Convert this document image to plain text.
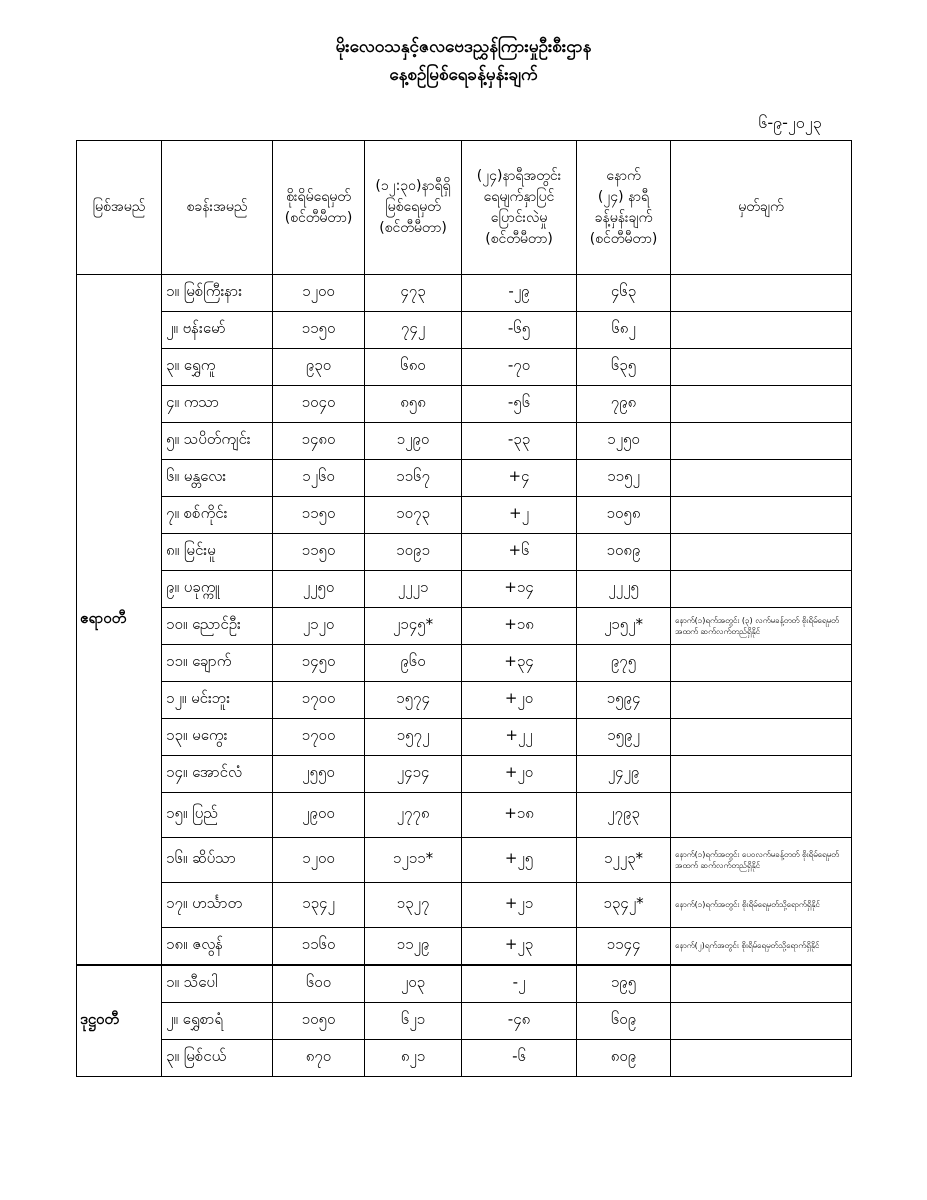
မိုးလေဝသနှင့်ဇလဗေဒညွှန်ကြားမှုဦးစီးဌာန
နေ့စဉ်မြစ်ရေခန့်မှန်းချက်
၆-၉-၂၀၂၃
မြစ်အမည်	စခန်းအမည်	စိုးရိမ်ရေမှတ်
(စင်တီမီတာ)	(၁၂:၃၀)နာရီရှိ
မြစ်ရေမှတ်
(စင်တီမီတာ)	(၂၄)နာရီအတွင်း
ရေမျက်နှာပြင်
ပြောင်းလဲမှု
(စင်တီမီတာ)	နောက်
(၂၄) နာရီ
ခန့်မှန်းချက်
(စင်တီမီတာ)	မှတ်ချက်
ဧရာဝတီ	၁။ မြစ်ကြီးနား	၁၂၀၀	၄၇၃	-၂၉	၄၆၃	
	၂။ ဗန်းမော်	၁၁၅၀	၇၄၂	-၆၅	၆၈၂	
	၃။ ရွှေကူ	၉၃၀	၆၈၀	-၇၀	၆၃၅	
	၄။ ကသာ	၁၀၄၀	၈၅၈	-၅၆	၇၉၈	
	၅။ သပိတ်ကျင်း	၁၄၈၀	၁၂၉၀	-၃၃	၁၂၅၀	
	၆။ မန္တလေး	၁၂၆၀	၁၁၆၇	+၄	၁၁၅၂	
	၇။ စစ်ကိုင်း	၁၁၅၀	၁၀၇၃	+၂	၁၀၅၈	
	၈။ မြင်းမူ	၁၁၅၀	၁၀၉၁	+၆	၁၀၈၉	
	၉။ ပခုက္ကူ	၂၂၅၀	၂၂၂၁	+၁၄	၂၂၂၅	
	၁၀။ ညောင်ဦး	၂၁၂၀	၂၁၄၅*	+၁၈	၂၁၅၂*	နောက်(၁)ရက်အတွင်း (၃) လက်မခန့်တတ် စိုးရိမ်ရေမှတ်အထက် ဆက်လက်တည်ရှိနိုင်
	၁၁။ ချောက်	၁၄၅၀	၉၆၀	+၃၄	၉၇၅	
	၁၂။ မင်းဘူး	၁၇၀၀	၁၅၇၄	+၂၀	၁၅၉၄	
	၁၃။ မကွေး	၁၇၀၀	၁၅၇၂	+၂၂	၁၅၉၂	
	၁၄။ အောင်လံ	၂၅၅၀	၂၄၁၄	+၂၀	၂၄၂၉	
	၁၅။ ပြည်	၂၉၀၀	၂၇၇၈	+၁၈	၂၇၉၃	
	၁၆။ ဆိပ်သာ	၁၂၀၀	၁၂၁၁*	+၂၅	၁၂၂၃*	နောက်(၁)ရက်အတွင်း ပေ၀လက်မခန့်တတ် စိုးရိမ်ရေမှတ်အထက် ဆက်လက်တည်ရှိနိုင်
	၁၇။ ဟင်္သာတ	၁၃၄၂	၁၃၂၇	+၂၁	၁၃၄၂*	နောက်(၁)ရက်အတွင်း စိုးရိမ်ရေမှတ်သို့ရောက်ရှိနိုင်
	၁၈။ ဇလွန်	၁၁၆၀	၁၁၂၉	+၂၃	၁၁၄၄	နောက်(၂)ရက်အတွင်း စိုးရိမ်ရေမှတ်သို့ရောက်ရှိနိုင်
ဒုဋ္ဌဝတီ	၁။ သီပေါ	၆၀၀	၂၀၃	-၂	၁၉၅	
	၂။ ရွှေစာရံ	၁၀၅၀	၆၂၁	-၄၈	၆၀၉	
	၃။ မြစ်ငယ်	၈၇၀	၈၂၁	-၆	၈၀၉	
